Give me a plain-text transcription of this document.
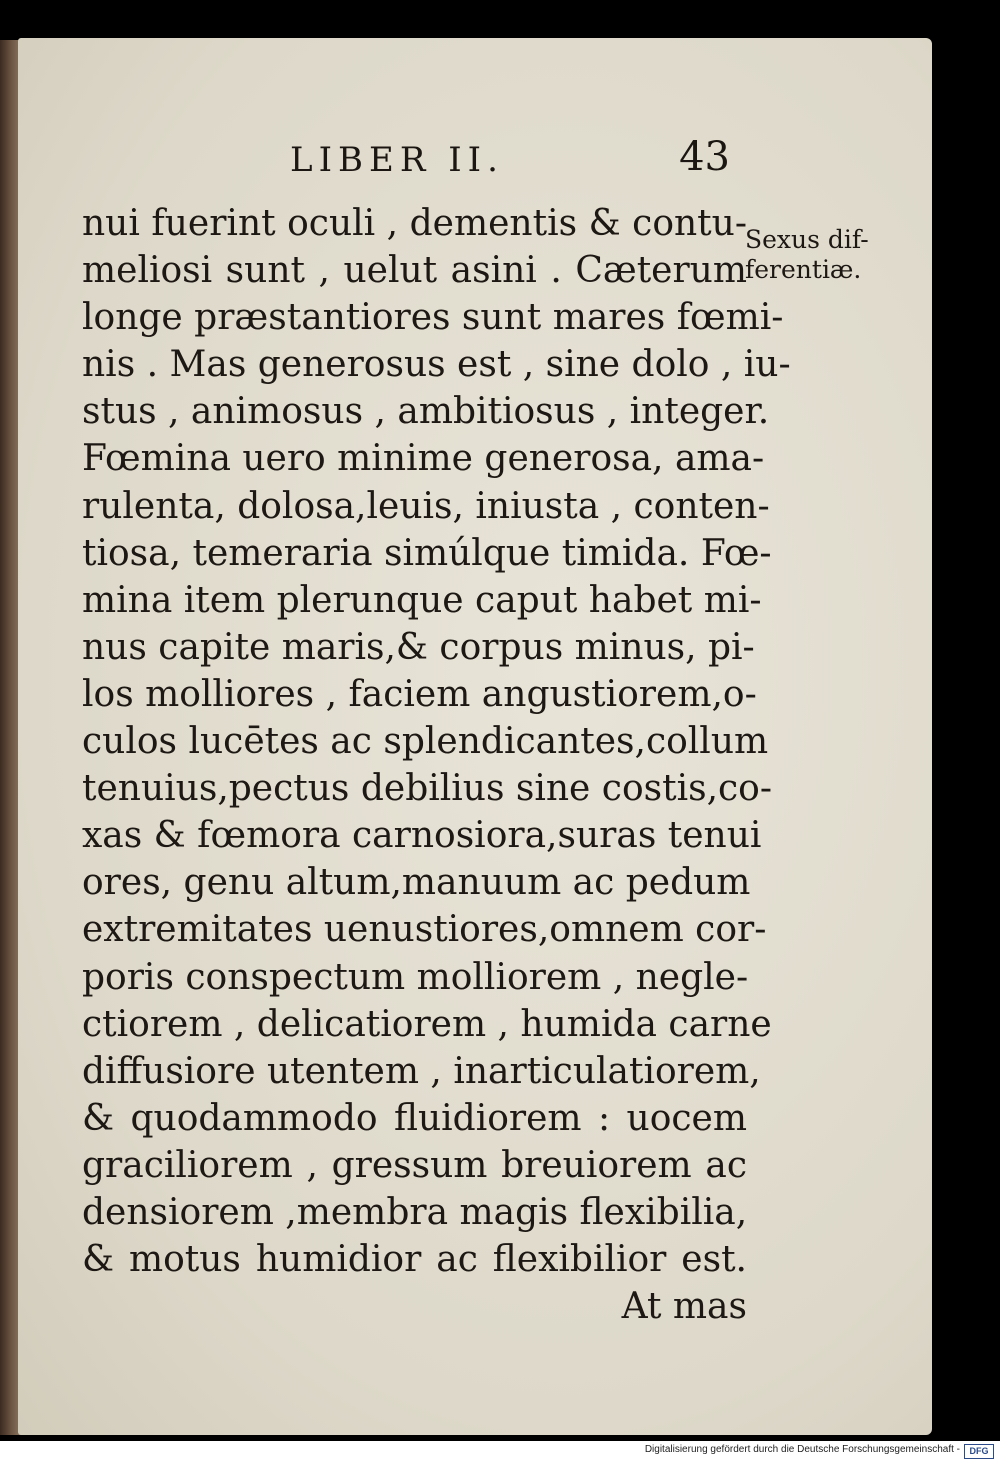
LIBER II.	43
nui fuerint oculi , dementis & contu-
meliosi sunt , uelut asini . Cæterum
longe præstantiores sunt mares fœmi-
nis . Mas generosus est , sine dolo , iu-
stus , animosus , ambitiosus , integer.
Fœmina uero minime generosa, ama-
rulenta, dolosa,leuis, iniusta , conten-
tiosa, temeraria simúlque timida. Fœ-
mina item plerunque caput habet mi-
nus capite maris,& corpus minus, pi-
los molliores , faciem angustiorem,o-
culos lucētes ac splendicantes,collum
tenuius,pectus debilius sine costis,co-
xas & fœmora carnosiora,suras tenui
ores, genu altum,manuum ac pedum
extremitates uenustiores,omnem cor-
poris conspectum molliorem , negle-
ctiorem , delicatiorem , humida carne
diffusiore utentem , inarticulatiorem,
& quodammodo fluidiorem : uocem
graciliorem , gressum breuiorem ac
densiorem ,membra magis flexibilia,
& motus humidior ac flexibilior est.
At mas
Sexus dif-
ferentiæ.
Digitalisierung gefördert durch die Deutsche Forschungsgemeinschaft -	DFG
